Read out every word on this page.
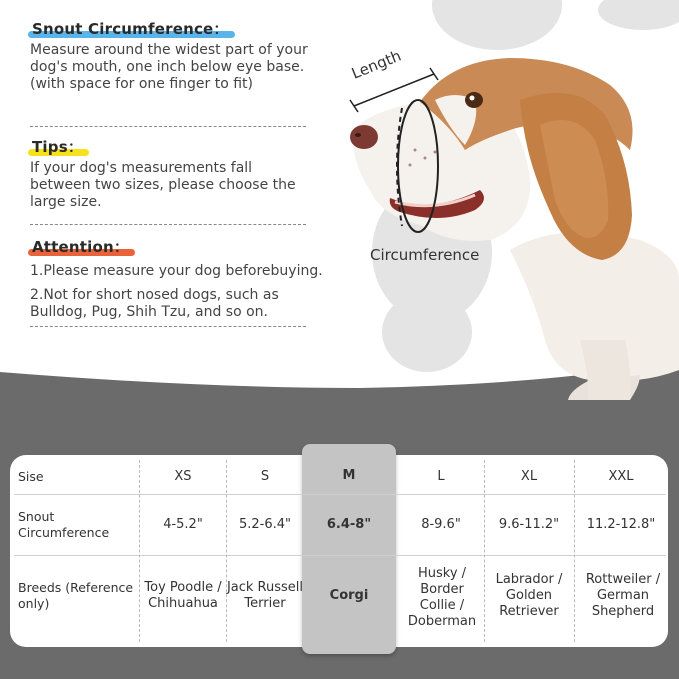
Snout Circumference：
Measure around the widest part of your dog's mouth, one inch below eye base. (with space for one finger to fit)
Tips：
If your dog's measurements fall between two sizes, please choose the large size.
Attention：
1.Please measure your dog beforebuying.
2.Not for short nosed dogs, such as Bulldog, Pug, Shih Tzu, and so on.
Length
Circumference
Sise
Snout Circumference
Breeds (Reference only)
XS
4-5.2"
Toy Poodle / Chihuahua
S
5.2-6.4"
Jack Russell Terrier
M
6.4-8"
Corgi
L
8-9.6"
Husky / Border Collie / Doberman
XL
9.6-11.2"
Labrador / Golden Retriever
XXL
11.2-12.8"
Rottweiler / German Shepherd
